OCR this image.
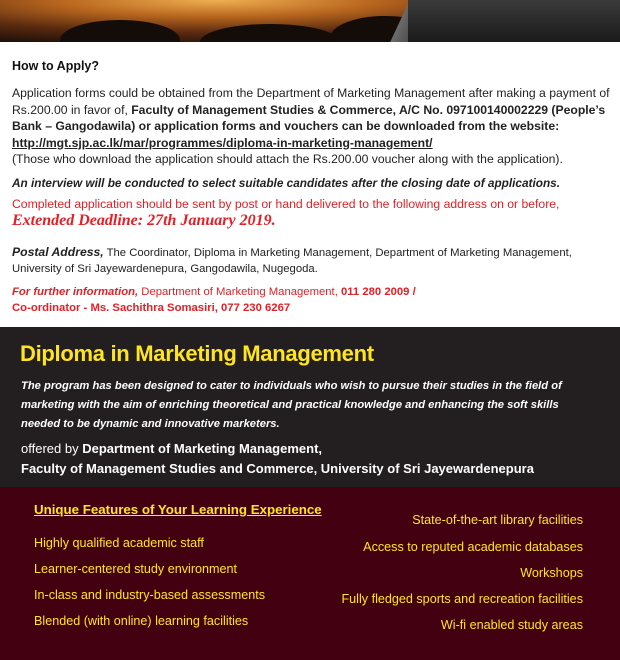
How to Apply?
Application forms could be obtained from the Department of Marketing Management after making a payment of Rs.200.00 in favor of, Faculty of Management Studies & Commerce, A/C No. 097100140002229 (People’s Bank – Gangodawila) or application forms and vouchers can be downloaded from the website:
http://mgt.sjp.ac.lk/mar/programmes/diploma-in-marketing-management/
(Those who download the application should attach the Rs.200.00 voucher along with the application).
An interview will be conducted to select suitable candidates after the closing date of applications.
Completed application should be sent by post or hand delivered to the following address on or before,
Extended Deadline: 27th January 2019.
Postal Address, The Coordinator, Diploma in Marketing Management, Department of Marketing Management, University of Sri Jayewardenepura, Gangodawila, Nugegoda.
For further information, Department of Marketing Management, 011 280 2009 /
Co-ordinator - Ms. Sachithra Somasiri, 077 230 6267
Diploma in Marketing Management
The program has been designed to cater to individuals who wish to pursue their studies in the field of marketing with the aim of enriching theoretical and practical knowledge and enhancing the soft skills needed to be dynamic and innovative marketers.
offered by Department of Marketing Management,
Faculty of Management Studies and Commerce, University of Sri Jayewardenepura
Unique Features of Your Learning Experience
Highly qualified academic staff
Learner-centered study environment
In-class and industry-based assessments
Blended (with online) learning facilities
State-of-the-art library facilities
Access to reputed academic databases
Workshops
Fully fledged sports and recreation facilities
Wi-fi enabled study areas
